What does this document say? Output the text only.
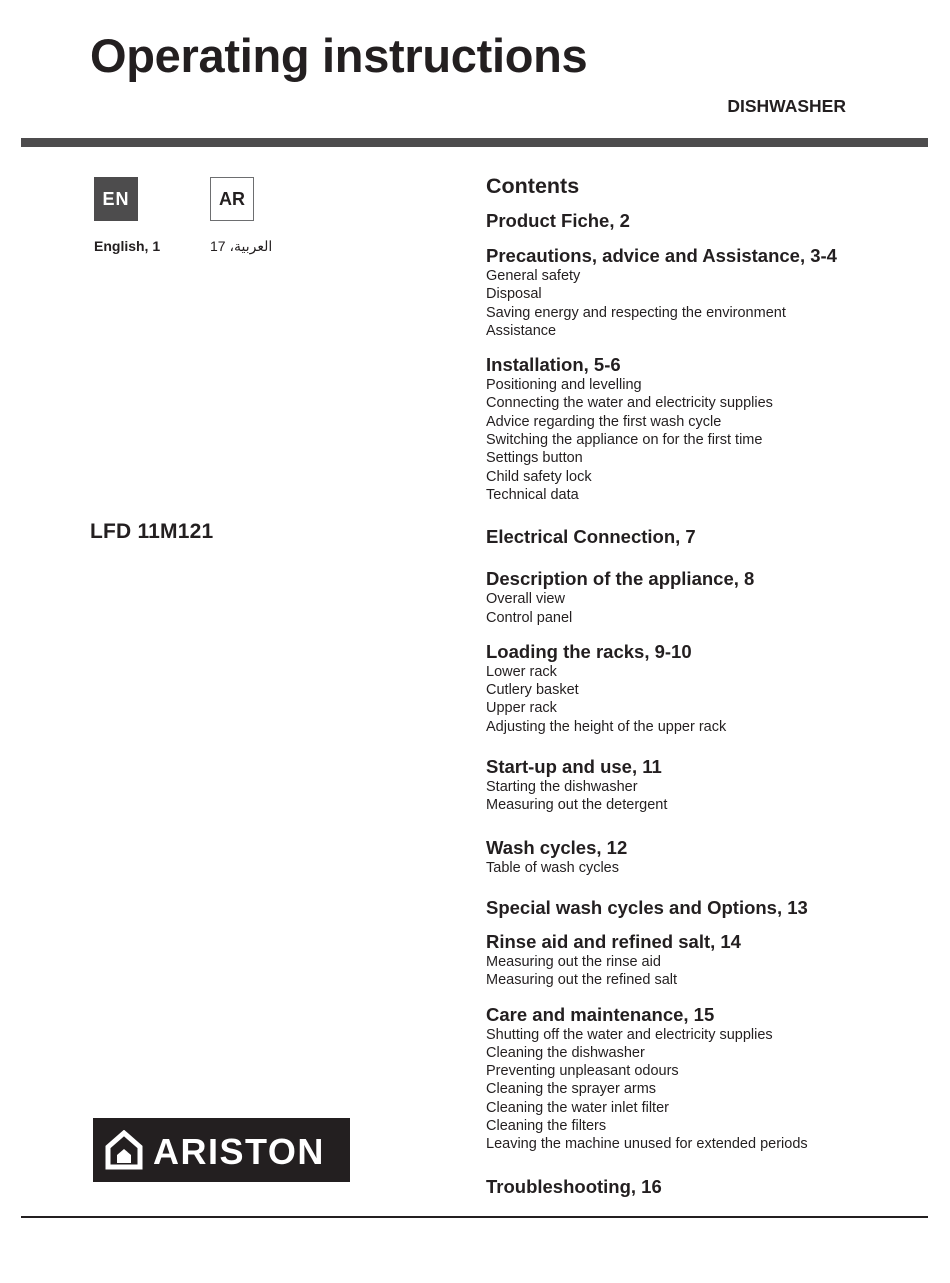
Operating instructions
DISHWASHER
EN	AR
English, 1	العربية، 17
LFD 11M121
ARISTON
Contents
Product Fiche, 2
Precautions, advice and Assistance, 3-4
General safety
Disposal
Saving energy and respecting the environment
Assistance
Installation, 5-6
Positioning and levelling
Connecting the water and electricity supplies
Advice regarding the first wash cycle
Switching the appliance on for the first time
Settings button
Child safety lock
Technical data
Electrical Connection, 7
Description of the appliance, 8
Overall view
Control panel
Loading the racks, 9-10
Lower rack
Cutlery basket
Upper rack
Adjusting the height of the upper rack
Start-up and use, 11
Starting the dishwasher
Measuring out the detergent
Wash cycles, 12
Table of wash cycles
Special wash cycles and Options, 13
Rinse aid and refined salt, 14
Measuring out the rinse aid
Measuring out the refined salt
Care and maintenance, 15
Shutting off the water and electricity supplies
Cleaning the dishwasher
Preventing unpleasant odours
Cleaning the sprayer arms
Cleaning the water inlet filter
Cleaning the filters
Leaving the machine unused for extended periods
Troubleshooting, 16
